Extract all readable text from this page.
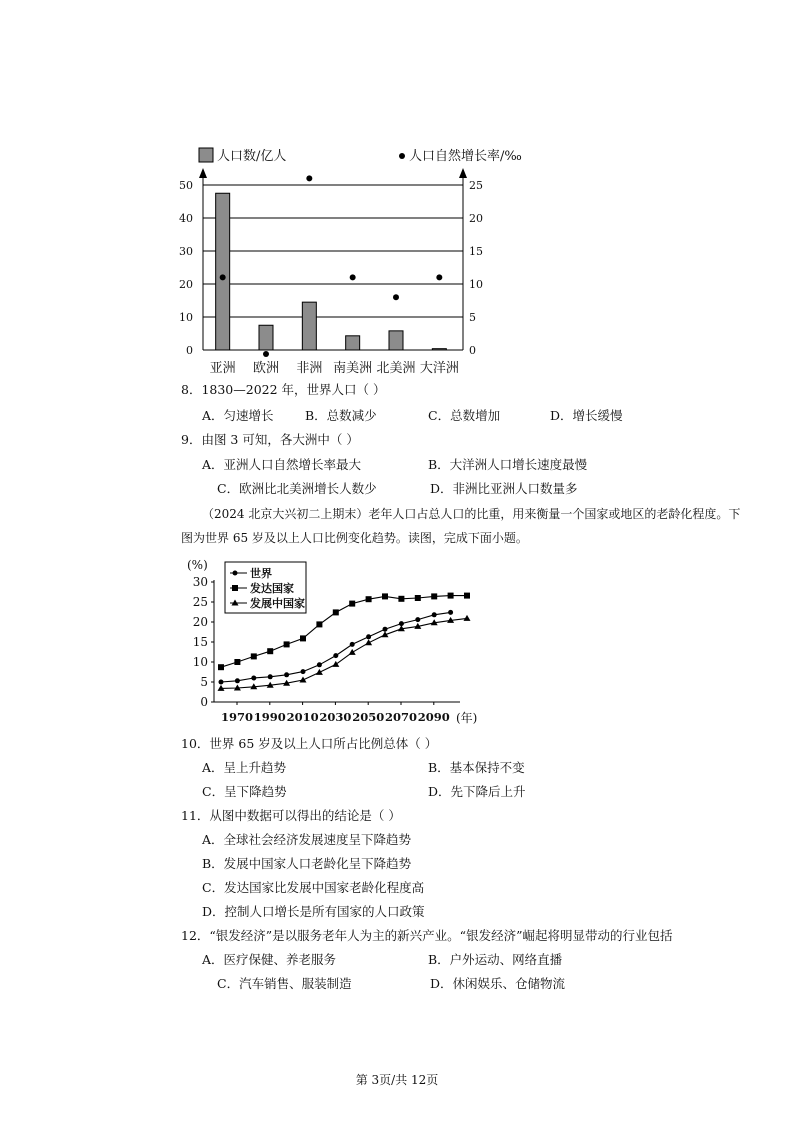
人口数/亿人	人口自然增长率/‰
0
10
20
30
40
50
0
5
10
15
20
25
亚洲 欧洲 非洲 南美洲 北美洲 大洋洲
8．1830—2022 年，世界人口（ ）
A．匀速增长	B．总数减少	C．总数增加	D．增长缓慢
9．由图 3 可知，各大洲中（ ）
A．亚洲人口自然增长率最大	B．大洋洲人口增长速度最慢
C．欧洲比北美洲增长人数少	D．非洲比亚洲人口数量多
（2024 北京大兴初二上期末）老年人口占总人口的比重，用来衡量一个国家或地区的老龄化程度。下
图为世界 65 岁及以上人口比例变化趋势。读图，完成下面小题。
(%)
世界
发达国家
发展中国家
(年)
0
5
10
15
20
25
30
1970 1990 2010 2030 2050 2070 2090
10．世界 65 岁及以上人口所占比例总体（ ）
A．呈上升趋势	B．基本保持不变
C．呈下降趋势	D．先下降后上升
11．从图中数据可以得出的结论是（ ）
A．全球社会经济发展速度呈下降趋势
B．发展中国家人口老龄化呈下降趋势
C．发达国家比发展中国家老龄化程度高
D．控制人口增长是所有国家的人口政策
12．“银发经济”是以服务老年人为主的新兴产业。“银发经济”崛起将明显带动的行业包括
A．医疗保健、养老服务	B．户外运动、网络直播
C．汽车销售、服装制造	D．休闲娱乐、仓储物流
第 3页/共 12页
